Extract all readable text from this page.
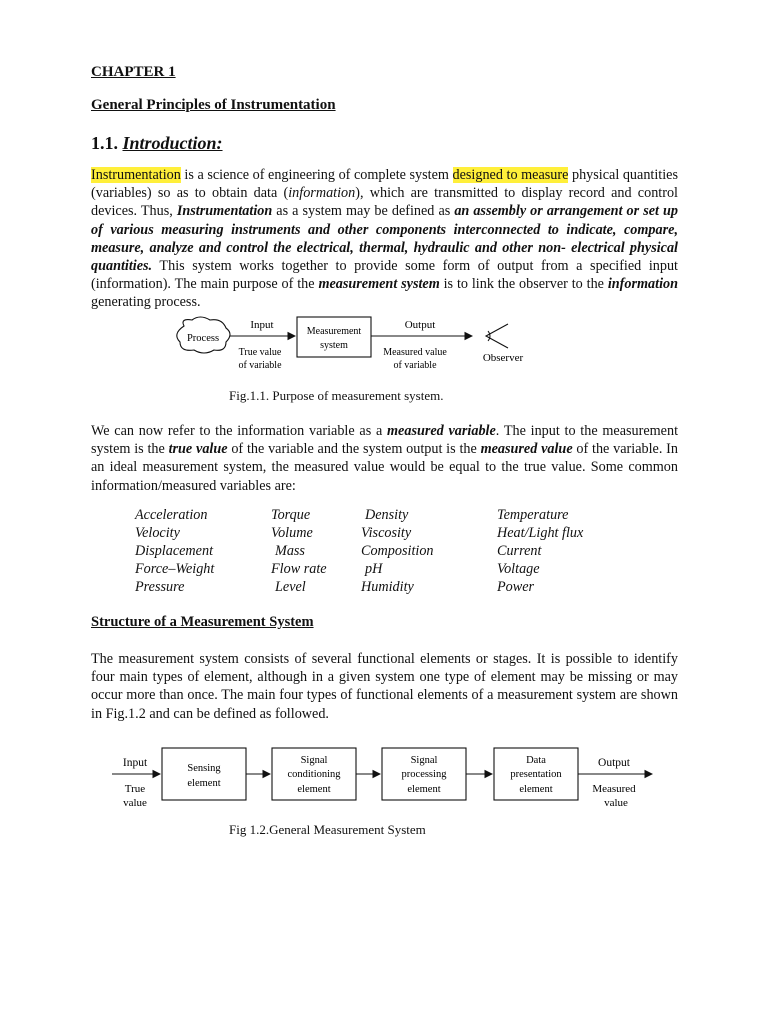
CHAPTER 1
General Principles of Instrumentation
1.1. Introduction:

Instrumentation is a science of engineering of complete system designed to measure physical quantities (variables) so as to obtain data (information), which are transmitted to display record and control devices. Thus, Instrumentation as a system may be defined as an assembly or arrangement or set up of various measuring instruments and other components interconnected to indicate, compare, measure, analyze and control the electrical, thermal, hydraulic and other non- electrical physical quantities. This system works together to provide some form of output from a specified input (information). The main purpose of the measurement system is to link the observer to the information generating process.

Process
Input
True value
of variable
Measurement
system
Output
Measured value
of variable
Observer
Fig.1.1. Purpose of measurement system.

We can now refer to the information variable as a measured variable. The input to the measurement system is the true value of the variable and the system output is the measured value of the variable. In an ideal measurement system, the measured value would be equal to the true value. Some common information/measured variables are:

Acceleration	Torque	Density	Temperature
Velocity	Volume	Viscosity	Heat/Light flux
Displacement	Mass	Composition	Current
Force–Weight	Flow rate	pH	Voltage
Pressure	Level	Humidity	Power
Structure of a Measurement System

The measurement system consists of several functional elements or stages. It is possible to identify four main types of element, although in a given system one type of element may be missing or may occur more than once. The main four types of functional elements of a measurement system are shown in Fig.1.2 and can be defined as followed.

Input
True
value
Sensing
element
Signal
conditioning
element
Signal
processing
element
Data
presentation
element
Output
Measured
value
Fig 1.2.General Measurement System
